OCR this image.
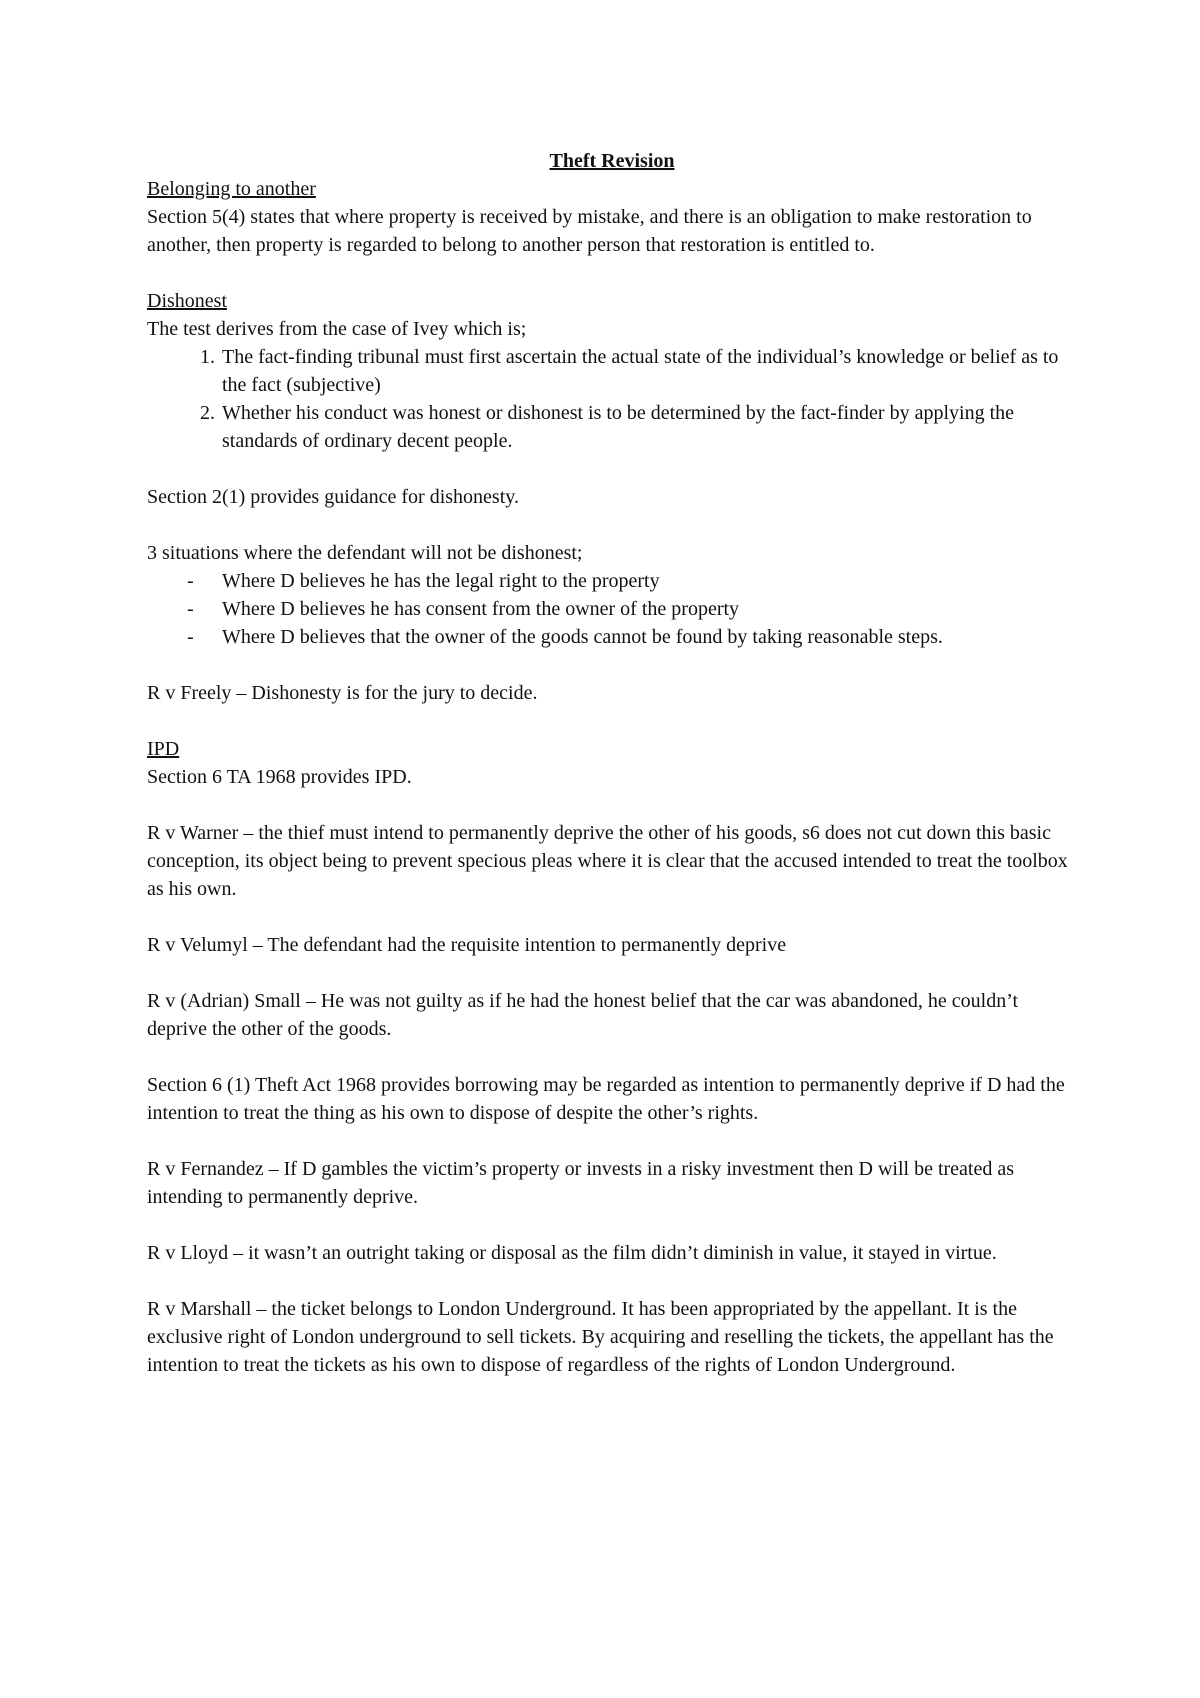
Theft Revision

Belonging to another

Section 5(4) states that where property is received by mistake, and there is an obligation to make restoration to another, then property is regarded to belong to another person that restoration is entitled to.

Dishonest

The test derives from the case of Ivey which is;

1. The fact-finding tribunal must first ascertain the actual state of the individual’s knowledge or belief as to the fact (subjective)
2. Whether his conduct was honest or dishonest is to be determined by the fact-finder by applying the standards of ordinary decent people.

Section 2(1) provides guidance for dishonesty.

3 situations where the defendant will not be dishonest;

- Where D believes he has the legal right to the property
- Where D believes he has consent from the owner of the property
- Where D believes that the owner of the goods cannot be found by taking reasonable steps.

R v Freely – Dishonesty is for the jury to decide.

IPD

Section 6 TA 1968 provides IPD.

R v Warner – the thief must intend to permanently deprive the other of his goods, s6 does not cut down this basic conception, its object being to prevent specious pleas where it is clear that the accused intended to treat the toolbox as his own.

R v Velumyl – The defendant had the requisite intention to permanently deprive

R v (Adrian) Small – He was not guilty as if he had the honest belief that the car was abandoned, he couldn’t deprive the other of the goods.

Section 6 (1) Theft Act 1968 provides borrowing may be regarded as intention to permanently deprive if D had the intention to treat the thing as his own to dispose of despite the other’s rights.

R v Fernandez – If D gambles the victim’s property or invests in a risky investment then D will be treated as intending to permanently deprive.

R v Lloyd – it wasn’t an outright taking or disposal as the film didn’t diminish in value, it stayed in virtue.

R v Marshall – the ticket belongs to London Underground. It has been appropriated by the appellant. It is the exclusive right of London underground to sell tickets. By acquiring and reselling the tickets, the appellant has the intention to treat the tickets as his own to dispose of regardless of the rights of London Underground.
